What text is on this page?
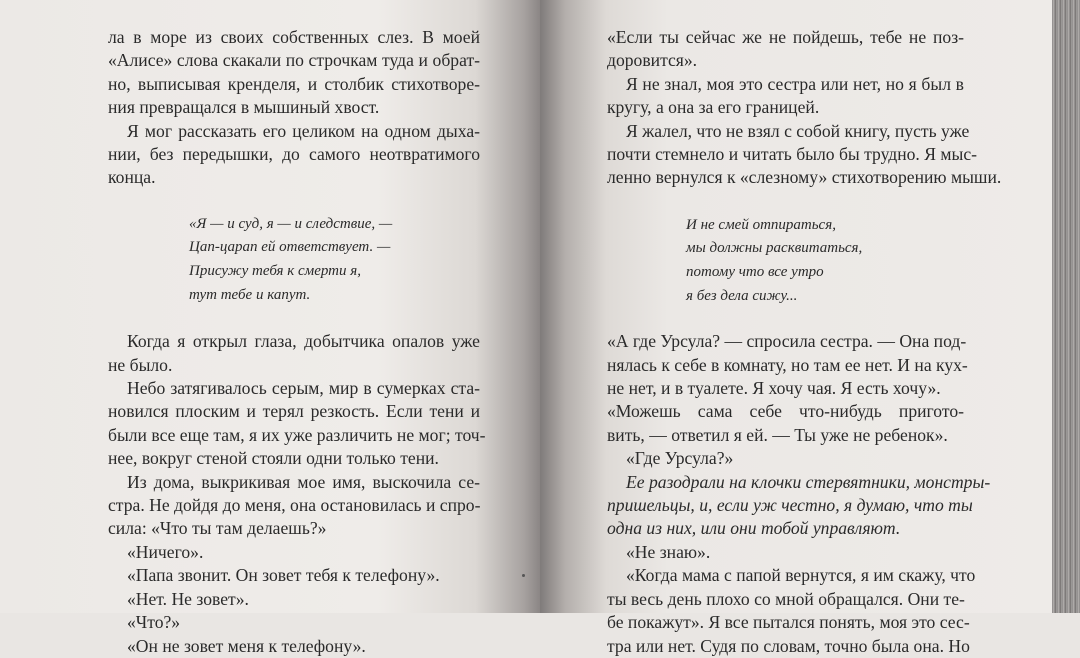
ла в море из своих собственных слез. В моей

«Алисе» слова скакали по строчкам туда и обрат-

но, выписывая кренделя, и столбик стихотворе-

ния превращался в мышиный хвост.

Я мог рассказать его целиком на одном дыха-

нии, без передышки, до самого неотвратимого

конца.

«Я — и суд, я — и следствие, —

Цап-царап ей ответствует. —

Присужу тебя к смерти я,

тут тебе и капут.

Когда я открыл глаза, добытчика опалов уже

не было.

Небо затягивалось серым, мир в сумерках ста-

новился плоским и терял резкость. Если тени и

были все еще там, я их уже различить не мог; точ-

нее, вокруг стеной стояли одни только тени.

Из дома, выкрикивая мое имя, выскочила се-

стра. Не дойдя до меня, она остановилась и спро-

сила: «Что ты там делаешь?»

«Ничего».

«Папа звонит. Он зовет тебя к телефону».

«Нет. Не зовет».

«Что?»

«Он не зовет меня к телефону».

«Если ты сейчас же не пойдешь, тебе не поз-

доровится».

Я не знал, моя это сестра или нет, но я был в

кругу, а она за его границей.

Я жалел, что не взял с собой книгу, пусть уже

почти стемнело и читать было бы трудно. Я мыс-

ленно вернулся к «слезному» стихотворению мыши.

И не смей отпираться,

мы должны расквитаться,

потому что все утро

я без дела сижу...

«А где Урсула? — спросила сестра. — Она под-

нялась к себе в комнату, но там ее нет. И на кух-

не нет, и в туалете. Я хочу чая. Я есть хочу».

«Можешь сама себе что-нибудь пригото-

вить, — ответил я ей. — Ты уже не ребенок».

«Где Урсула?»

Ее разодрали на клочки стервятники, монстры-

пришельцы, и, если уж честно, я думаю, что ты

одна из них, или они тобой управляют.

«Не знаю».

«Когда мама с папой вернутся, я им скажу, что

ты весь день плохо со мной обращался. Они те-

бе покажут». Я все пытался понять, моя это сес-

тра или нет. Судя по словам, точно была она. Но
